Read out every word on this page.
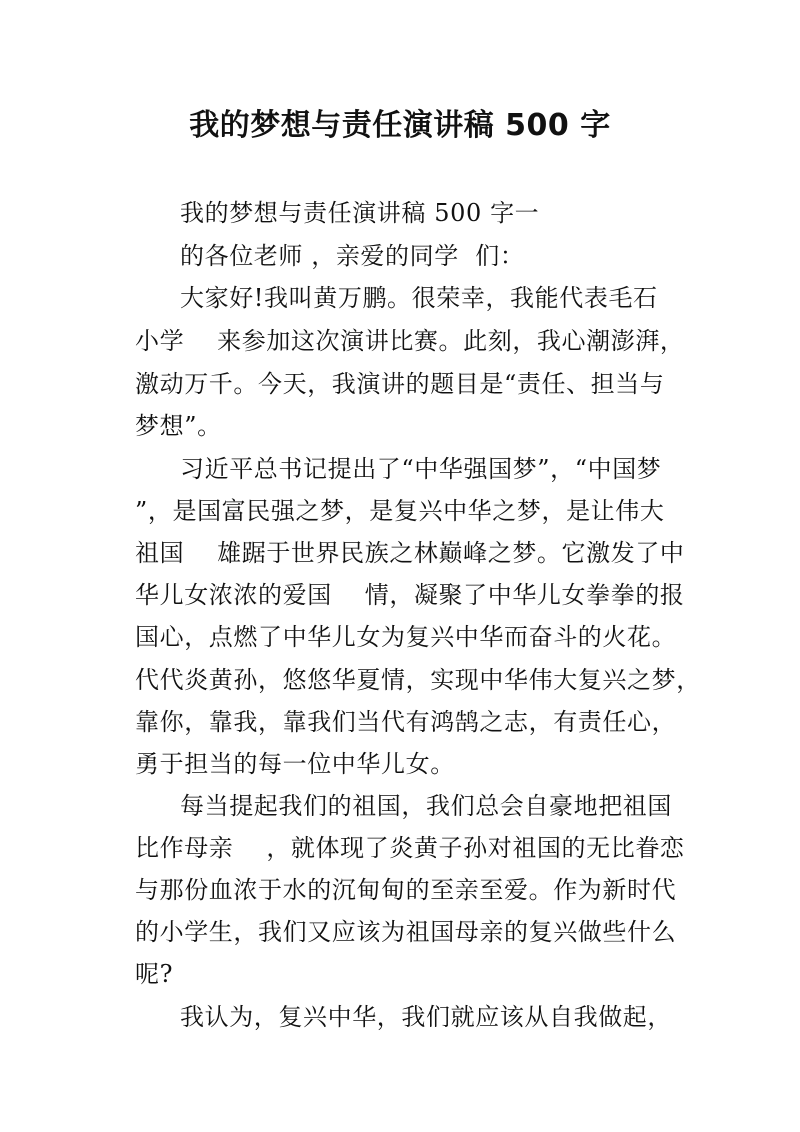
我的梦想与责任演讲稿 500 字
我的梦想与责任演讲稿 500 字一
的各位老师 ，亲爱的同学  们：
大家好!我叫黄万鹏。很荣幸，我能代表毛石
小学    来参加这次演讲比赛。此刻，我心潮澎湃，
激动万千。今天，我演讲的题目是“责任、担当与
梦想”。
习近平总书记提出了“中华强国梦”，“中国梦
”，是国富民强之梦，是复兴中华之梦，是让伟大
祖国    雄踞于世界民族之林巅峰之梦。它激发了中
华儿女浓浓的爱国    情，凝聚了中华儿女拳拳的报
国心，点燃了中华儿女为复兴中华而奋斗的火花。
代代炎黄孙，悠悠华夏情，实现中华伟大复兴之梦，
靠你，靠我，靠我们当代有鸿鹄之志，有责任心，
勇于担当的每一位中华儿女。
每当提起我们的祖国，我们总会自豪地把祖国
比作母亲    ，就体现了炎黄子孙对祖国的无比眷恋
与那份血浓于水的沉甸甸的至亲至爱。作为新时代
的小学生，我们又应该为祖国母亲的复兴做些什么
呢?
我认为，复兴中华，我们就应该从自我做起，
